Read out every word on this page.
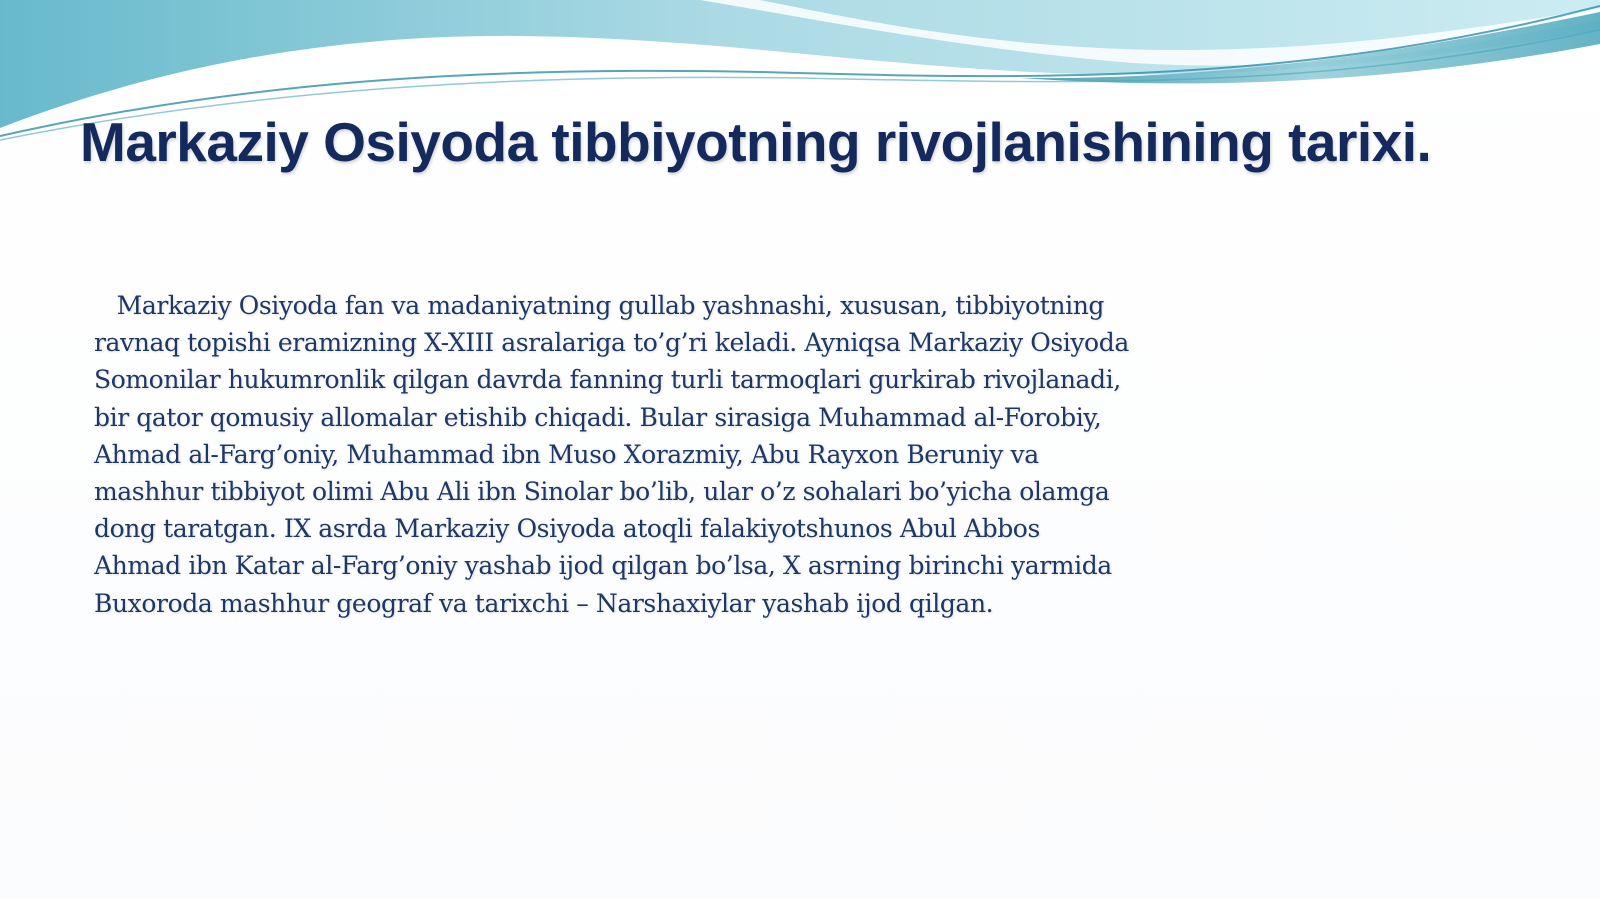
Markaziy Osiyoda tibbiyotning rivojlanishining tarixi.

Markaziy Osiyoda fan va madaniyatning gullab yashnashi, xususan, tibbiyotning
ravnaq topishi eramizning X-XIII asralariga to’g’ri keladi. Ayniqsa Markaziy Osiyoda
Somonilar hukumronlik qilgan davrda fanning turli tarmoqlari gurkirab rivojlanadi,
bir qator qomusiy allomalar etishib chiqadi. Bular sirasiga Muhammad al-Forobiy,
Ahmad al-Farg’oniy, Muhammad ibn Muso Xorazmiy, Abu Rayxon Beruniy va
mashhur tibbiyot olimi Abu Ali ibn Sinolar bo’lib, ular o’z sohalari bo’yicha olamga
dong taratgan. IX asrda Markaziy Osiyoda atoqli falakiyotshunos Abul Abbos
Ahmad ibn Katar al-Farg’oniy yashab ijod qilgan bo’lsa, X asrning birinchi yarmida
Buxoroda mashhur geograf va tarixchi – Narshaxiylar yashab ijod qilgan.
